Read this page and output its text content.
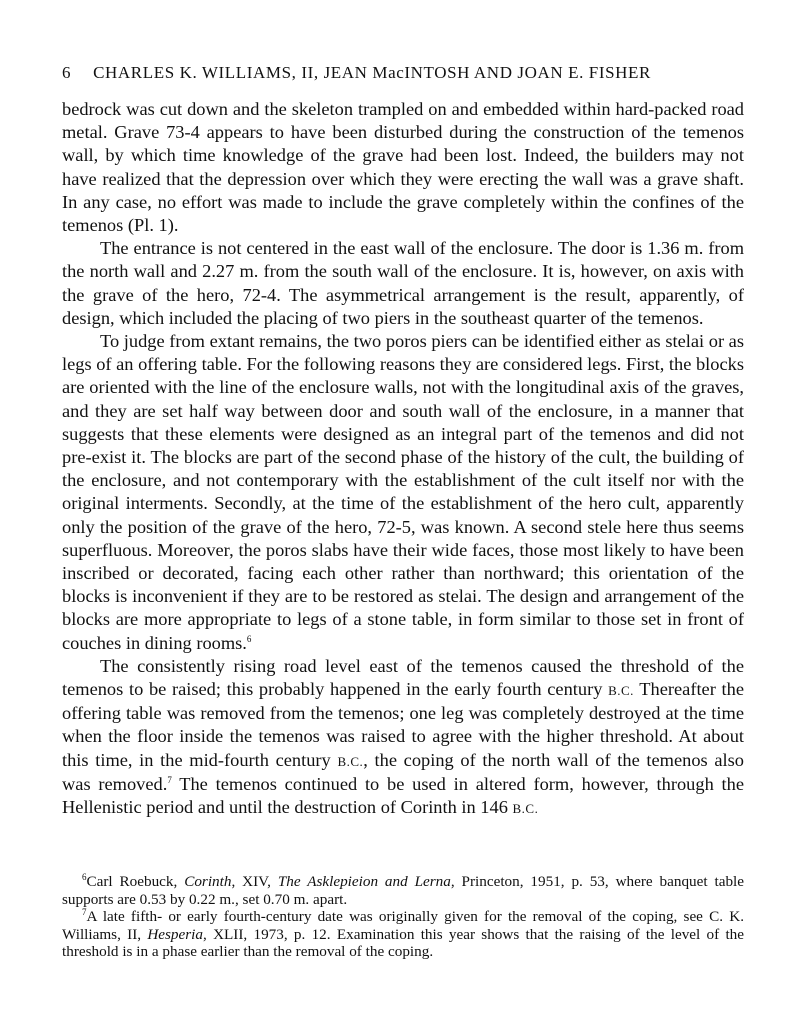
6 CHARLES K. WILLIAMS, II, JEAN MacINTOSH AND JOAN E. FISHER

bedrock was cut down and the skeleton trampled on and embedded within hard-packed road metal. Grave 73-4 appears to have been disturbed during the construction of the temenos wall, by which time knowledge of the grave had been lost. Indeed, the builders may not have realized that the depression over which they were erecting the wall was a grave shaft. In any case, no effort was made to include the grave completely within the confines of the temenos (Pl. 1).

The entrance is not centered in the east wall of the enclosure. The door is 1.36 m. from the north wall and 2.27 m. from the south wall of the enclosure. It is, however, on axis with the grave of the hero, 72-4. The asymmetrical arrangement is the result, apparently, of design, which included the placing of two piers in the southeast quarter of the temenos.

To judge from extant remains, the two poros piers can be identified either as stelai or as legs of an offering table. For the following reasons they are considered legs. First, the blocks are oriented with the line of the enclosure walls, not with the longitudinal axis of the graves, and they are set half way between door and south wall of the enclosure, in a manner that suggests that these elements were designed as an integral part of the temenos and did not pre-exist it. The blocks are part of the second phase of the history of the cult, the building of the enclosure, and not contemporary with the establishment of the cult itself nor with the original interments. Secondly, at the time of the establishment of the hero cult, apparently only the position of the grave of the hero, 72-5, was known. A second stele here thus seems superfluous. Moreover, the poros slabs have their wide faces, those most likely to have been inscribed or decorated, facing each other rather than northward; this orientation of the blocks is inconvenient if they are to be restored as stelai. The design and arrangement of the blocks are more appropriate to legs of a stone table, in form similar to those set in front of couches in dining rooms.$^6$

The consistently rising road level east of the temenos caused the threshold of the temenos to be raised; this probably happened in the early fourth century B.C. Thereafter the offering table was removed from the temenos; one leg was completely destroyed at the time when the floor inside the temenos was raised to agree with the higher threshold. At about this time, in the mid-fourth century B.C., the coping of the north wall of the temenos also was removed.$^7$ The temenos continued to be used in altered form, however, through the Hellenistic period and until the destruction of Corinth in 146 B.C.

$^6$Carl Roebuck, Corinth, XIV, The Asklepieion and Lerna, Princeton, 1951, p. 53, where banquet table supports are 0.53 by 0.22 m., set 0.70 m. apart.

$^7$A late fifth- or early fourth-century date was originally given for the removal of the coping, see C. K. Williams, II, Hesperia, XLII, 1973, p. 12. Examination this year shows that the raising of the level of the threshold is in a phase earlier than the removal of the coping.
